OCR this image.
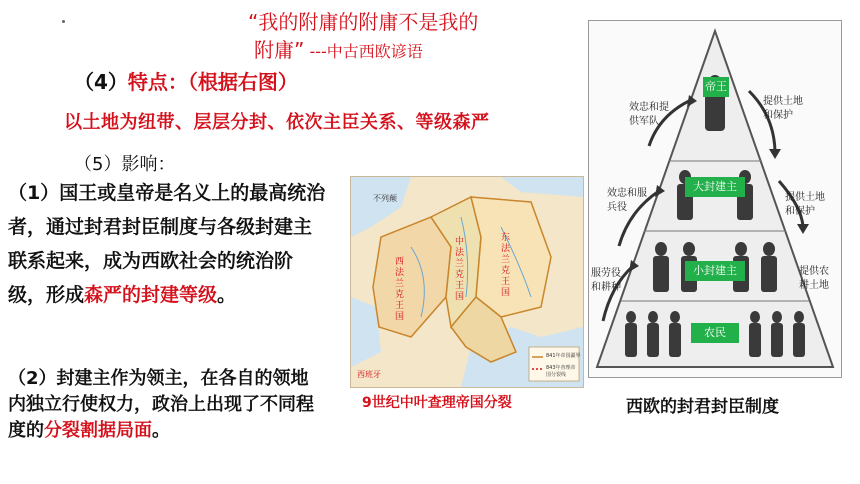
“我的附庸的附庸不是我的
附庸” ---中古西欧谚语
（4）特点：（根据右图）
以土地为纽带、层层分封、依次主臣关系、等级森严
（5）影响：
（1）国王或皇帝是名义上的最高统治者，通过封君封臣制度与各级封建主联系起来，成为西欧社会的统治阶级，形成森严的封建等级。
（2）封建主作为领主，在各自的领地内独立行使权力，政治上出现了不同程度的分裂割据局面。
不列颠
西法兰克王国
中法兰克王国
东法兰克王国
西班牙
841年帝国疆界
843年查理帝国分裂线
9世纪中叶查理帝国分裂
帝王
大封建主
小封建主
农民
效忠和提供军队
效忠和服兵役
服劳役和耕种
提供土地和保护
提供土地和保护
提供农耕土地
西欧的封君封臣制度
